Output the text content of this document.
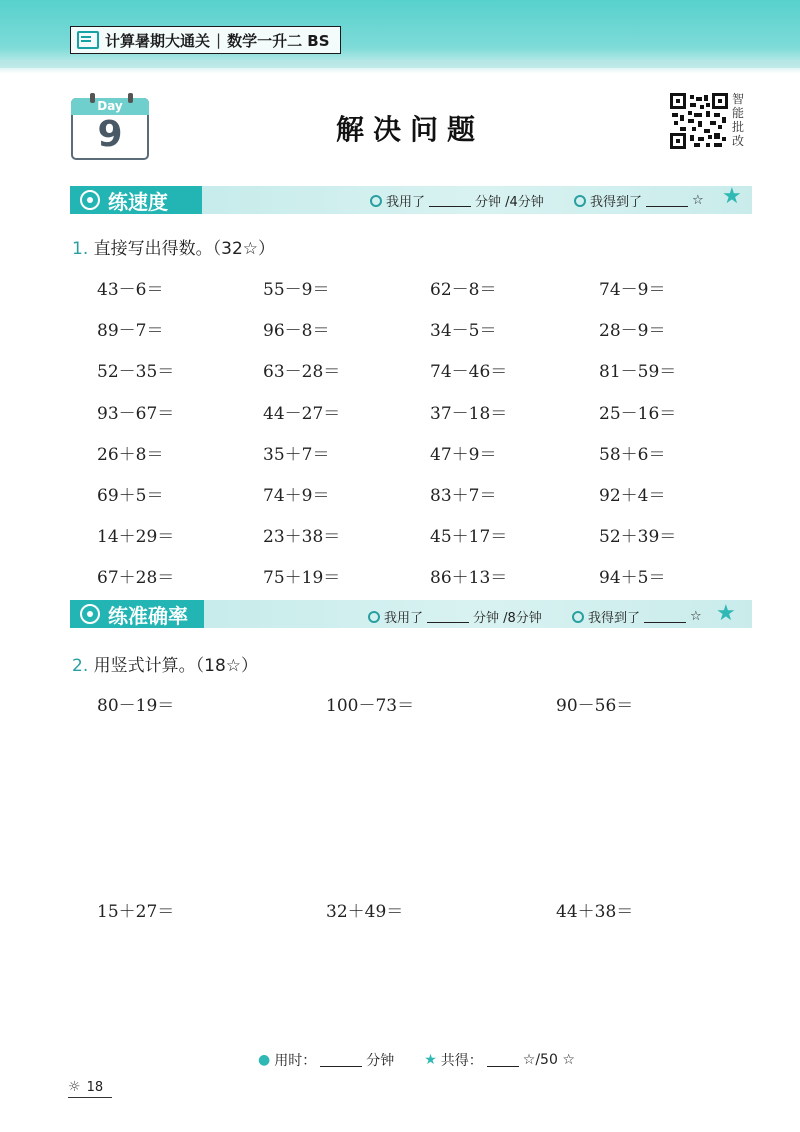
计算暑期大通关 | 数学一升二 BS
Day
9	解决问题
智能批改
练速度	我用了	分钟 /4分钟	我得到了	☆ ★
1. 直接写出得数。（32☆）
43－6＝	55－9＝	62－8＝	74－9＝
89－7＝	96－8＝	34－5＝	28－9＝
52－35＝	63－28＝	74－46＝	81－59＝
93－67＝	44－27＝	37－18＝	25－16＝
26＋8＝	35＋7＝	47＋9＝	58＋6＝
69＋5＝	74＋9＝	83＋7＝	92＋4＝
14＋29＝	23＋38＝	45＋17＝	52＋39＝
67＋28＝	75＋19＝	86＋13＝	94＋5＝
练准确率	我用了	分钟 /8分钟	我得到了	☆ ★
2. 用竖式计算。（18☆）
80－19＝	100－73＝	90－56＝
15＋27＝	32＋49＝	44＋38＝
● 用时：	分钟 ★ 共得：	☆/50 ☆
☼ 18
